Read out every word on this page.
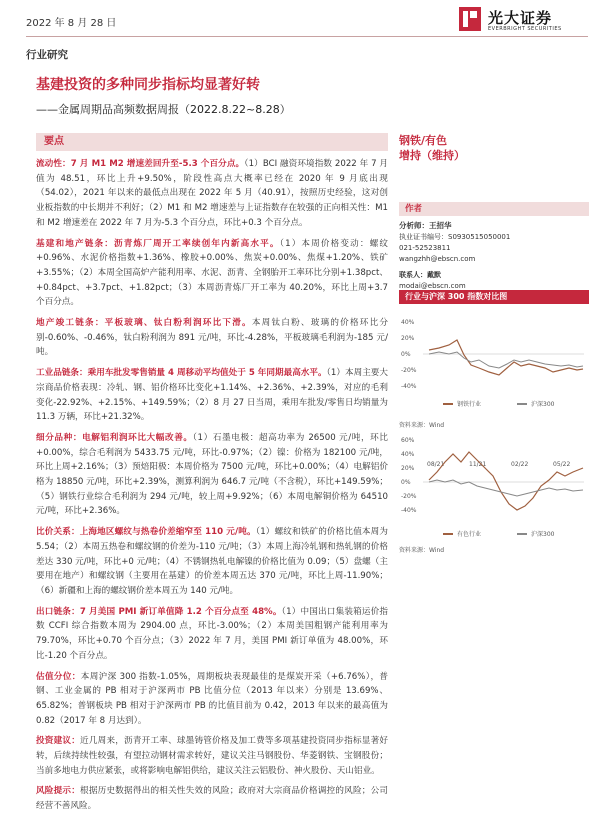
2022 年 8 月 28 日	光大证券
EVERBRIGHT SECURITIES
行业研究
基建投资的多种同步指标均显著好转
——金属周期品高频数据周报（2022.8.22~8.28）
要点
流动性：7 月 M1 M2 增速差回升至-5.3 个百分点。（1）BCI 融资环境指数 2022 年 7 月值为 48.51，环比上升+9.50%，阶段性高点大概率已经在 2020 年 9 月底出现（54.02），2021 年以来的最低点出现在 2022 年 5 月（40.91），按照历史经验，这对创业板指数的中长期并不利好；（2）M1 和 M2 增速差与上证指数存在较强的正向相关性：M1 和 M2 增速差在 2022 年 7 月为-5.3 个百分点，环比+0.3 个百分点。
基建和地产链条：沥青炼厂周开工率续创年内新高水平。（1）本周价格变动：螺纹+0.96%、水泥价格指数+1.36%、橡胶+0.00%、焦炭+0.00%、焦煤+1.20%、铁矿+3.55%；（2）本周全国高炉产能利用率、水泥、沥青、全钢胎开工率环比分别+1.38pct、+0.84pct、+3.7pct、+1.82pct；（3）本周沥青炼厂开工率为 40.20%，环比上周+3.7 个百分点。
地产竣工链条：平板玻璃、钛白粉利润环比下滑。本周钛白粉、玻璃的价格环比分别-0.60%、-0.46%，钛白粉利润为 891 元/吨，环比-4.28%，平板玻璃毛利润为-185 元/吨。
工业品链条：乘用车批发零售销量 4 周移动平均值处于 5 年同期最高水平。（1）本周主要大宗商品价格表现：冷轧、钢、铝价格环比变化+1.14%、+2.36%、+2.39%，对应的毛利变化-22.92%、+2.15%、+149.59%；（2）8 月 27 日当周，乘用车批发/零售日均销量为 11.3 万辆，环比+21.32%。
细分品种：电解铝利润环比大幅改善。（1）石墨电极：超高功率为 26500 元/吨，环比+0.00%，综合毛利润为 5433.75 元/吨，环比-0.97%；（2）镍：价格为 182100 元/吨，环比上周+2.16%；（3）预焙阳极：本周价格为 7500 元/吨，环比+0.00%；（4）电解铝价格为 18850 元/吨，环比+2.39%，测算利润为 646.7 元/吨（不含税），环比+149.59%；（5）钢铁行业综合毛利润为 294 元/吨，较上周+9.92%；（6）本周电解铜价格为 64510 元/吨，环比+2.36%。
比价关系：上海地区螺纹与热卷价差缩窄至 110 元/吨。（1）螺纹和铁矿的价格比值本周为 5.54；（2）本周五热卷和螺纹钢的价差为-110 元/吨；（3）本周上海冷轧钢和热轧钢的价格差达 330 元/吨，环比+0 元/吨；（4）不锈钢热轧电解镍的价格比值为 0.09；（5）盘螺（主要用在地产）和螺纹钢（主要用在基建）的价差本周五达 370 元/吨，环比上周-11.90%；（6）新疆和上海的螺纹钢价差本周五为 140 元/吨。
出口链条：7 月美国 PMI 新订单值降 1.2 个百分点至 48%。（1）中国出口集装箱运价指数 CCFI 综合指数本周为 2904.00 点，环比-3.00%；（2）本周美国粗钢产能利用率为 79.70%，环比+0.70 个百分点；（3）2022 年 7 月，美国 PMI 新订单值为 48.00%，环比-1.20 个百分点。
估值分位：本周沪深 300 指数-1.05%，周期板块表现最佳的是煤炭开采（+6.76%），普钢、工业金属的 PB 相对于沪深两市 PB 比值分位（2013 年以来）分别是 13.69%、65.82%；普钢板块 PB 相对于沪深两市 PB 的比值目前为 0.42，2013 年以来的最高值为 0.82（2017 年 8 月达到）。
投资建议：近几周来，沥青开工率、球墨铸管价格及加工费等多项基建投资同步指标显著好转，后续持续性较强，有望拉动钢材需求转好，建议关注马钢股份、华菱钢铁、宝钢股份；当前多地电力供应紧张，或将影响电解铝供给，建议关注云铝股份、神火股份、天山铝业。
风险提示：根据历史数据得出的相关性失效的风险；政府对大宗商品价格调控的风险；公司经营不善风险。
钢铁/有色
增持（维持）
作者
分析师：王招华
执业证书编号：S0930515050001
021-52523811
wangzhh@ebscn.com
联系人：戴默
modai@ebscn.com
行业与沪深 300 指数对比图
40%
20%
0%
-20%
-40%
钢铁行业	沪深300
资料来源：Wind
60%
40%
20%
0%
-20%
-40%
08/21	11/21	02/22	05/22
有色行业	沪深300
资料来源：Wind
